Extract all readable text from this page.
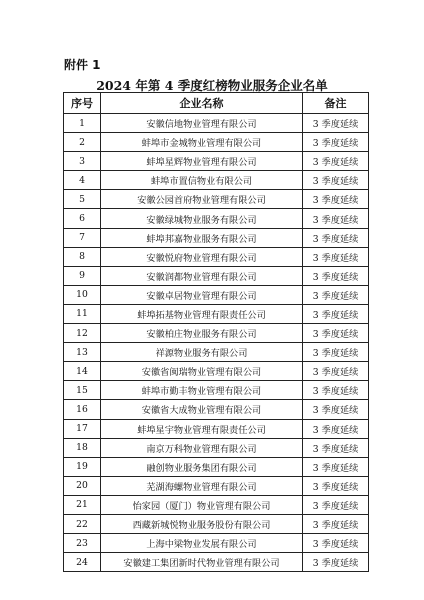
附件 1
2024 年第 4 季度红榜物业服务企业名单
序号	企业名称	备注
1	安徽信地物业管理有限公司	3 季度延续
2	蚌埠市金城物业管理有限公司	3 季度延续
3	蚌埠星辉物业管理有限公司	3 季度延续
4	蚌埠市置信物业有限公司	3 季度延续
5	安徽公园首府物业管理有限公司	3 季度延续
6	安徽绿城物业服务有限公司	3 季度延续
7	蚌埠邦嘉物业服务有限公司	3 季度延续
8	安徽悦府物业管理有限公司	3 季度延续
9	安徽润都物业管理有限公司	3 季度延续
10	安徽卓居物业管理有限公司	3 季度延续
11	蚌埠拓基物业管理有限责任公司	3 季度延续
12	安徽柏庄物业服务有限公司	3 季度延续
13	祥源物业服务有限公司	3 季度延续
14	安徽省闽瑞物业管理有限公司	3 季度延续
15	蚌埠市勤丰物业管理有限公司	3 季度延续
16	安徽省大成物业管理有限公司	3 季度延续
17	蚌埠星宇物业管理有限责任公司	3 季度延续
18	南京万科物业管理有限公司	3 季度延续
19	融创物业服务集团有限公司	3 季度延续
20	芜湖海螺物业管理有限公司	3 季度延续
21	怡家园（厦门）物业管理有限公司	3 季度延续
22	西藏新城悦物业服务股份有限公司	3 季度延续
23	上海中梁物业发展有限公司	3 季度延续
24	安徽建工集团新时代物业管理有限公司	3 季度延续
